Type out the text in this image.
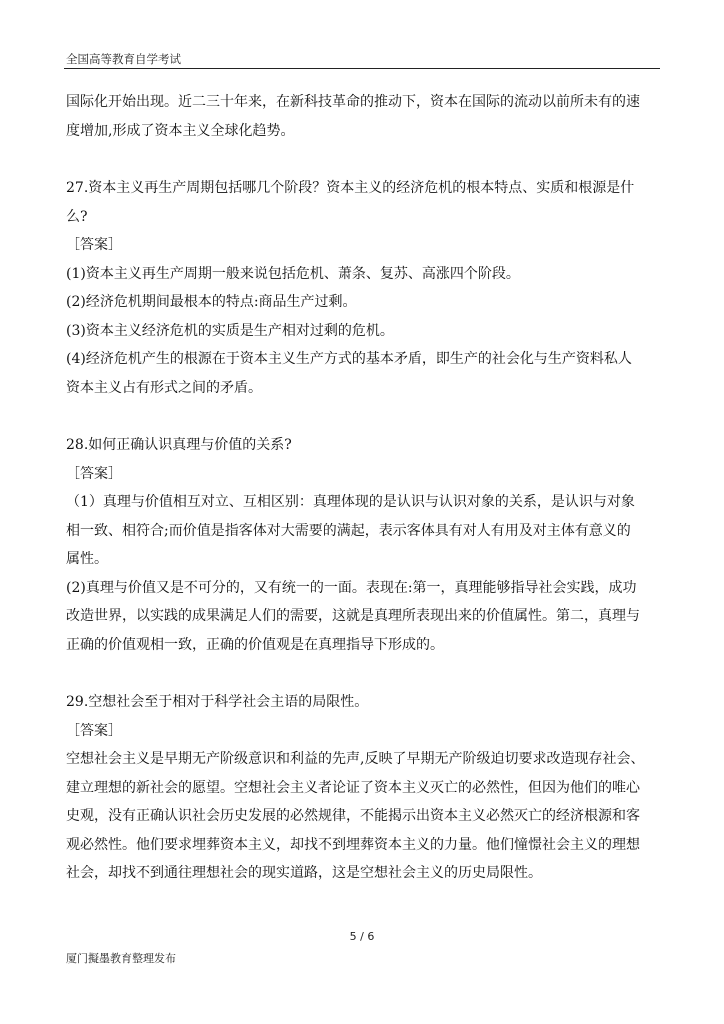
全国高等教育自学考试

国际化开始出现。近二三十年来，在新科技革命的推动下，资本在国际的流动以前所未有的速

度增加,形成了资本主义全球化趋势。

27.资本主义再生产周期包括哪几个阶段？资本主义的经济危机的根本特点、实质和根源是什

么?

［答案］

(1)资本主义再生产周期一般来说包括危机、萧条、复苏、高涨四个阶段。

(2)经济危机期间最根本的特点:商品生产过剩。

(3)资本主义经济危机的实质是生产相对过剩的危机。

(4)经济危机产生的根源在于资本主义生产方式的基本矛盾，即生产的社会化与生产资料私人

资本主义占有形式之间的矛盾。

28.如何正确认识真理与价值的关系?

［答案］

（1）真理与价值相互对立、互相区别：真理体现的是认识与认识对象的关系，是认识与对象

相一致、相符合;而价值是指客体对大需要的满起，表示客体具有对人有用及对主体有意义的

属性。

(2)真理与价值又是不可分的，又有统一的一面。表现在:第一，真理能够指导社会实践，成功

改造世界，以实践的成果满足人们的需要，这就是真理所表现出来的价值属性。第二，真理与

正确的价值观相一致，正确的价值观是在真理指导下形成的。

29.空想社会至于相对于科学社会主语的局限性。

［答案］

空想社会主义是早期无产阶级意识和利益的先声,反映了早期无产阶级迫切要求改造现存社会、

建立理想的新社会的愿望。空想社会主义者论证了资本主义灭亡的必然性，但因为他们的唯心

史观，没有正确认识社会历史发展的必然规律，不能揭示出资本主义必然灭亡的经济根源和客

观必然性。他们要求埋葬资本主义，却找不到埋葬资本主义的力量。他们憧憬社会主义的理想

社会，却找不到通往理想社会的现实道路，这是空想社会主义的历史局限性。

5 / 6
厦门擬墨教育整理发布
